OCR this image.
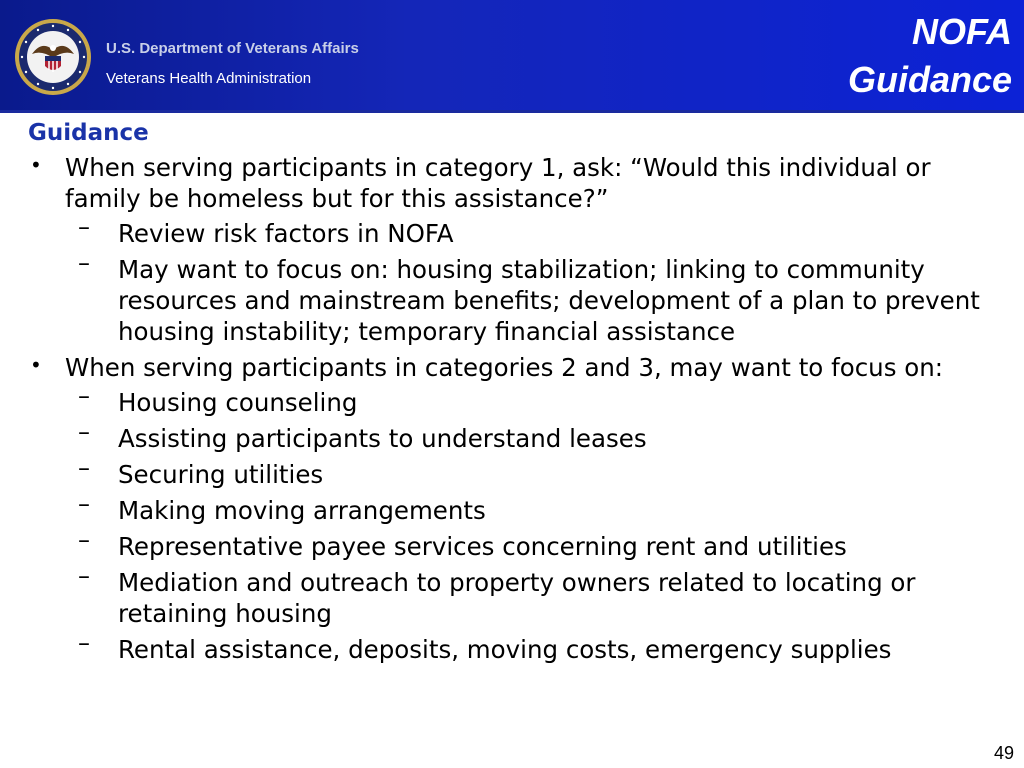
U.S. Department of Veterans Affairs
Veterans Health Administration
NOFA
Guidance
Guidance
• When serving participants in category 1, ask: “Would this individual or family be homeless but for this assistance?”
– Review risk factors in NOFA
– May want to focus on: housing stabilization; linking to community resources and mainstream benefits; development of a plan to prevent housing instability; temporary financial assistance
• When serving participants in categories 2 and 3, may want to focus on:
– Housing counseling
– Assisting participants to understand leases
– Securing utilities
– Making moving arrangements
– Representative payee services concerning rent and utilities
– Mediation and outreach to property owners related to locating or retaining housing
– Rental assistance, deposits, moving costs, emergency supplies
49
